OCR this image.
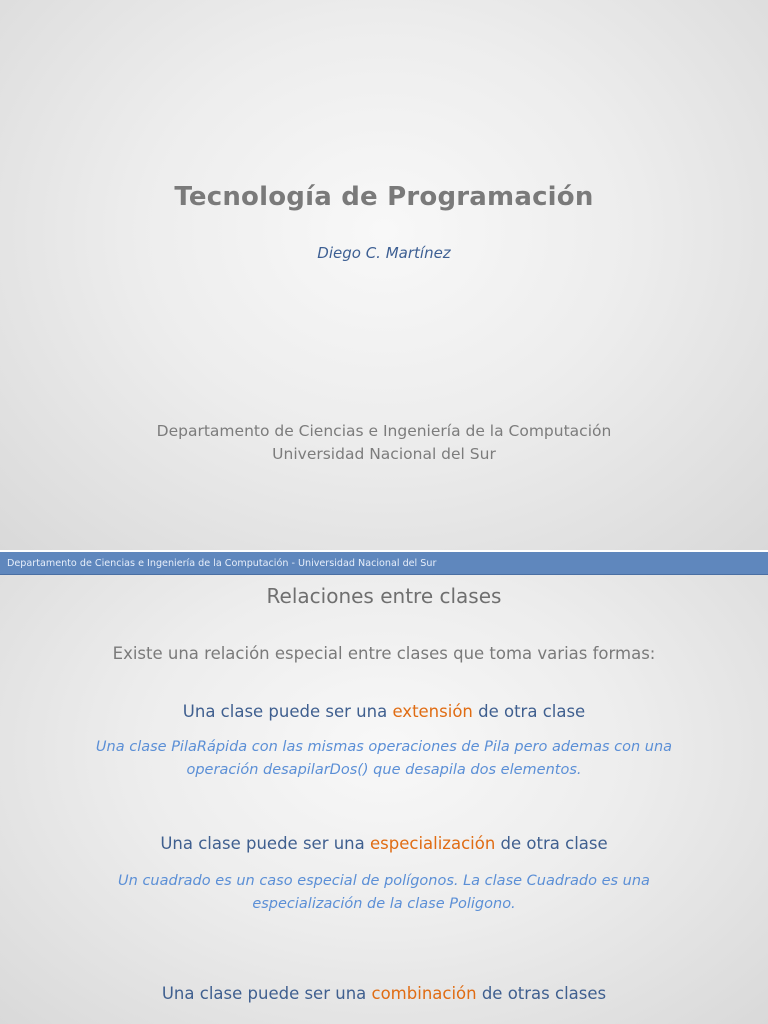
Tecnología de Programación
Diego C. Martínez
Departamento de Ciencias e Ingeniería de la Computación
Universidad Nacional del Sur
Departamento de Ciencias e Ingeniería de la Computación - Universidad Nacional del Sur
Relaciones entre clases
Existe una relación especial entre clases que toma varias formas:
Una clase puede ser una extensión de otra clase
Una clase PilaRápida con las mismas operaciones de Pila pero ademas con una
operación desapilarDos() que desapila dos elementos.
Una clase puede ser una especialización de otra clase
Un cuadrado es un caso especial de polígonos. La clase Cuadrado es una
especialización de la clase Poligono.
Una clase puede ser una combinación de otras clases
